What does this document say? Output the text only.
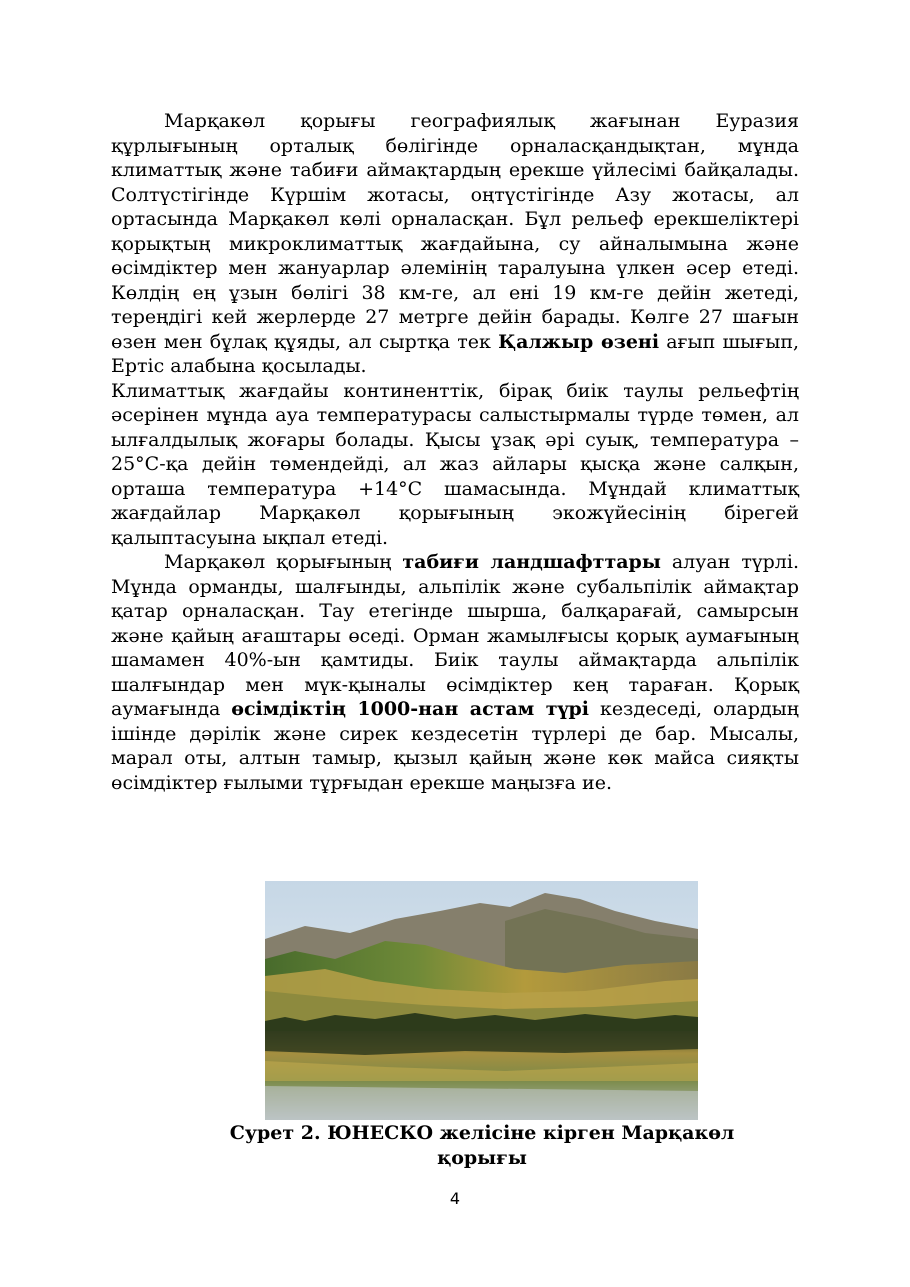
Марқакөл қорығы географиялық жағынан Еуразия құрлығының орталық бөлігінде орналасқандықтан, мұнда климаттық және табиғи аймақтардың ерекше үйлесімі байқалады. Солтүстігінде Күршім жотасы, оңтүстігінде Азу жотасы, ал ортасында Марқакөл көлі орналасқан. Бұл рельеф ерекшеліктері қорықтың микроклиматтық жағдайына, су айналымына және өсімдіктер мен жануарлар әлемінің таралуына үлкен әсер етеді. Көлдің ең ұзын бөлігі 38 км-ге, ал ені 19 км-ге дейін жетеді, тереңдігі кей жерлерде 27 метрге дейін барады. Көлге 27 шағын өзен мен бұлақ құяды, ал сыртқа тек Қалжыр өзені ағып шығып, Ертіс алабына қосылады.

Климаттық жағдайы континенттік, бірақ биік таулы рельефтің әсерінен мұнда ауа температурасы салыстырмалы түрде төмен, ал ылғалдылық жоғары болады. Қысы ұзақ әрі суық, температура –25°C-қа дейін төмендейді, ал жаз айлары қысқа және салқын, орташа температура +14°C шамасында. Мұндай климаттық жағдайлар Марқакөл қорығының экожүйесінің бірегей қалыптасуына ықпал етеді.

Марқакөл қорығының табиғи ландшафттары алуан түрлі. Мұнда орманды, шалғынды, альпілік және субальпілік аймақтар қатар орналасқан. Тау етегінде шырша, балқарағай, самырсын және қайың ағаштары өседі. Орман жамылғысы қорық аумағының шамамен 40%-ын қамтиды. Биік таулы аймақтарда альпілік шалғындар мен мүк-қыналы өсімдіктер кең тараған. Қорық аумағында өсімдіктің 1000-нан астам түрі кездеседі, олардың ішінде дәрілік және сирек кездесетін түрлері де бар. Мысалы, марал оты, алтын тамыр, қызыл қайың және көк майса сияқты өсімдіктер ғылыми тұрғыдан ерекше маңызға ие.

Сурет 2. ЮНЕСКО желісіне кірген Марқакөл
қорығы
4
